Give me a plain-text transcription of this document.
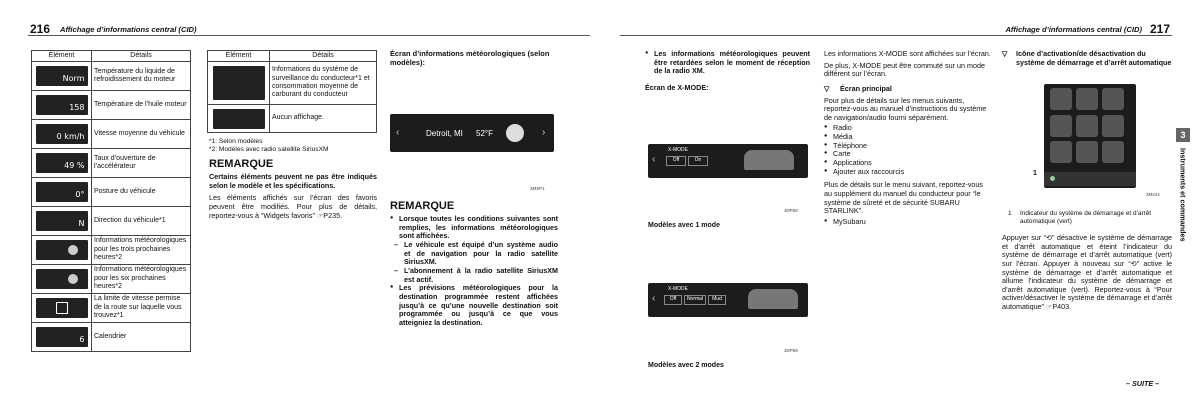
216 Affichage d’informations central (CID)	Affichage d’informations central (CID) 217
Élément	Détails

Norm	Température du liquide de refroidissement du moteur

158	Température de l’huile moteur

0 km/h	Vitesse moyenne du véhicule

49 %	Taux d’ouverture de l’accélérateur

0°	Posture du véhicule

N	Direction du véhicule*1

	Informations météorologiques pour les trois prochaines heures*2

	Informations météorologiques pour les six prochaines heures*2

	La limite de vitesse permise de la route sur laquelle vous trouvez*1

6	Calendrier
Élément	Détails

	Informations du système de surveillance du conducteur*1 et consommation moyenne de carburant du conducteur

	Aucun affichage.
*1: Selon modèles
*2: Modèles avec radio satellite SiriusXM
REMARQUE
Certains éléments peuvent ne pas être indiqués selon le modèle et les spécifications.
Les éléments affichés sur l’écran des favoris peuvent être modifiés. Pour plus de détails, reportez-vous à “Widgets favoris” ☞P235.
Écran d’informations météorologiques (selon modèles):
‹	Detroit, MI 52°F	›
3MSP1
REMARQUE
● Lorsque toutes les conditions suivantes sont remplies, les informations météorologiques sont affichées.
– Le véhicule est équipé d’un système audio et de navigation pour la radio satellite SiriusXM.
– L’abonnement à la radio satellite SiriusXM est actif.
● Les prévisions météorologiques pour la destination programmée restent affichées jusqu’à ce qu’une nouvelle destination soit programmée ou jusqu’à ce que vous atteigniez la destination.
● Les informations météorologiques peuvent être retardées selon le moment de réception de la radio XM.
Écran de X-MODE:
‹
X-MODE
Off	On
3DP58
Modèles avec 1 mode
‹
X-MODE
Off	Normal	Mud
3DP59
Modèles avec 2 modes
Les informations X-MODE sont affichées sur l’écran.
De plus, X-MODE peut être commuté sur un mode différent sur l’écran.
▽ Écran principal
Pour plus de détails sur les menus suivants, reportez-vous au manuel d’instructions du système de navigation/audio fourni séparément.
● Radio
● Média
● Téléphone
● Carte
● Applications
● Ajouter aux raccourcis
Plus de détails sur le menu suivant, reportez-vous au supplément du manuel du conducteur pour “le système de sûreté et de sécurité SUBARU STARLINK”.
● MySubaru
▽ Icône d’activation/de désactivation du système de démarrage et d’arrêt automatique
1
3M244
1	Indicateur du système de démarrage et d’arrêt automatique (vert)
Appuyer sur “⟲” désactive le système de démarrage et d’arrêt automatique et éteint l’indicateur du système de démarrage et d’arrêt automatique (vert) sur l’écran. Appuyer à nouveau sur “⟲” active le système de démarrage et d’arrêt automatique et allume l’indicateur du système de démarrage et d’arrêt automatique (vert). Reportez-vous à “Pour activer/désactiver le système de démarrage et d’arrêt automatique” ☞P403.
– SUITE –
3
Instruments et commandes
